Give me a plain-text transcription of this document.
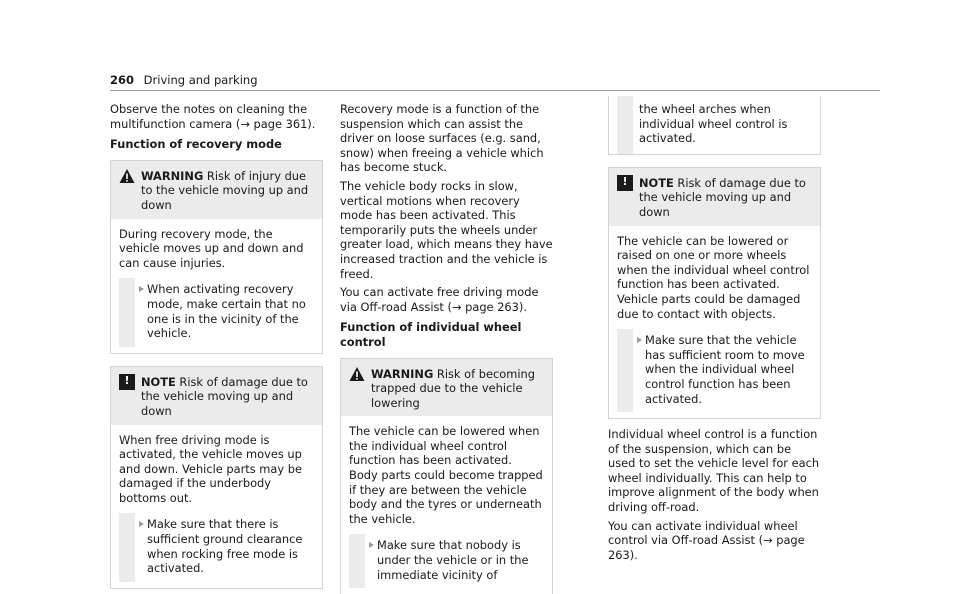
260 Driving and parking

Observe the notes on cleaning the multifunction camera (→ page 361).

Function of recovery mode
WARNING Risk of injury due to the vehicle moving up and down
During recovery mode, the vehicle moves up and down and can cause injuries.
When activating recovery mode, make certain that no one is in the vicinity of the vehicle.
!	NOTE Risk of damage due to the vehicle moving up and down
When free driving mode is activated, the vehicle moves up and down. Vehicle parts may be damaged if the underbody bottoms out.
Make sure that there is sufficient ground clearance when rocking free mode is activated.

Recovery mode is a function of the suspension which can assist the driver on loose surfaces (e.g. sand, snow) when freeing a vehicle which has become stuck.

The vehicle body rocks in slow, vertical motions when recovery mode has been activated. This temporarily puts the wheels under greater load, which means they have increased traction and the vehicle is freed.

You can activate free driving mode via Off-road Assist (→ page 263).

Function of individual wheel control
WARNING Risk of becoming trapped due to the vehicle lowering
The vehicle can be lowered when the individual wheel control function has been activated. Body parts could become trapped if they are between the vehicle body and the tyres or underneath the vehicle.
Make sure that nobody is under the vehicle or in the immediate vicinity of
the wheel arches when individual wheel control is activated.
!	NOTE Risk of damage due to the vehicle moving up and down
The vehicle can be lowered or raised on one or more wheels when the individual wheel control function has been activated. Vehicle parts could be damaged due to contact with objects.
Make sure that the vehicle has sufficient room to move when the individual wheel control function has been activated.

Individual wheel control is a function of the suspension, which can be used to set the vehicle level for each wheel individually. This can help to improve alignment of the body when driving off-road.

You can activate individual wheel control via Off-road Assist (→ page 263).
